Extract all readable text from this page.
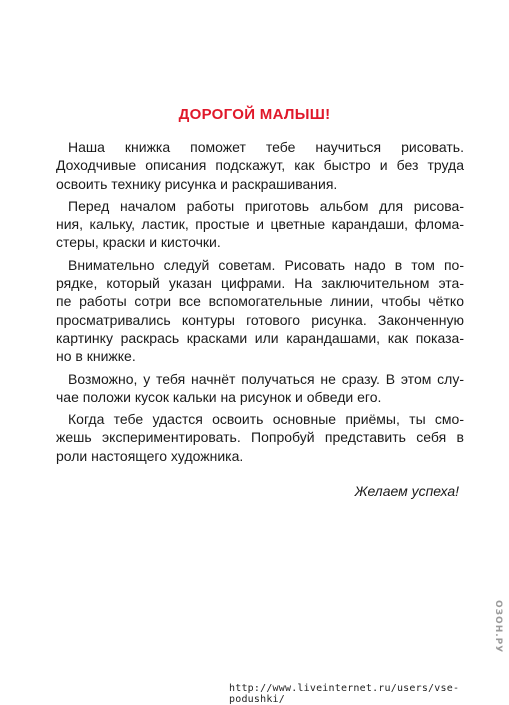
ДОРОГОЙ МАЛЫШ!

Наша книжка поможет тебе научиться рисовать.
Доходчивые описания подскажут, как быстро и без труда
освоить технику рисунка и раскрашивания.

Перед началом работы приготовь альбом для рисова-
ния, кальку, ластик, простые и цветные карандаши, флома-
стеры, краски и кисточки.

Внимательно следуй советам. Рисовать надо в том по-
рядке, который указан цифрами. На заключительном эта-
пе работы сотри все вспомогательные линии, чтобы чётко
просматривались контуры готового рисунка. Законченную
картинку раскрась красками или карандашами, как показа-
но в книжке.

Возможно, у тебя начнёт получаться не сразу. В этом слу-
чае положи кусок кальки на рисунок и обведи его.

Когда тебе удастся освоить основные приёмы, ты смо-
жешь экспериментировать. Попробуй представить себя в
роли настоящего художника.

Желаем успеха!
ОЗОН.РУ
http://www.liveinternet.ru/users/vse-podushki/
